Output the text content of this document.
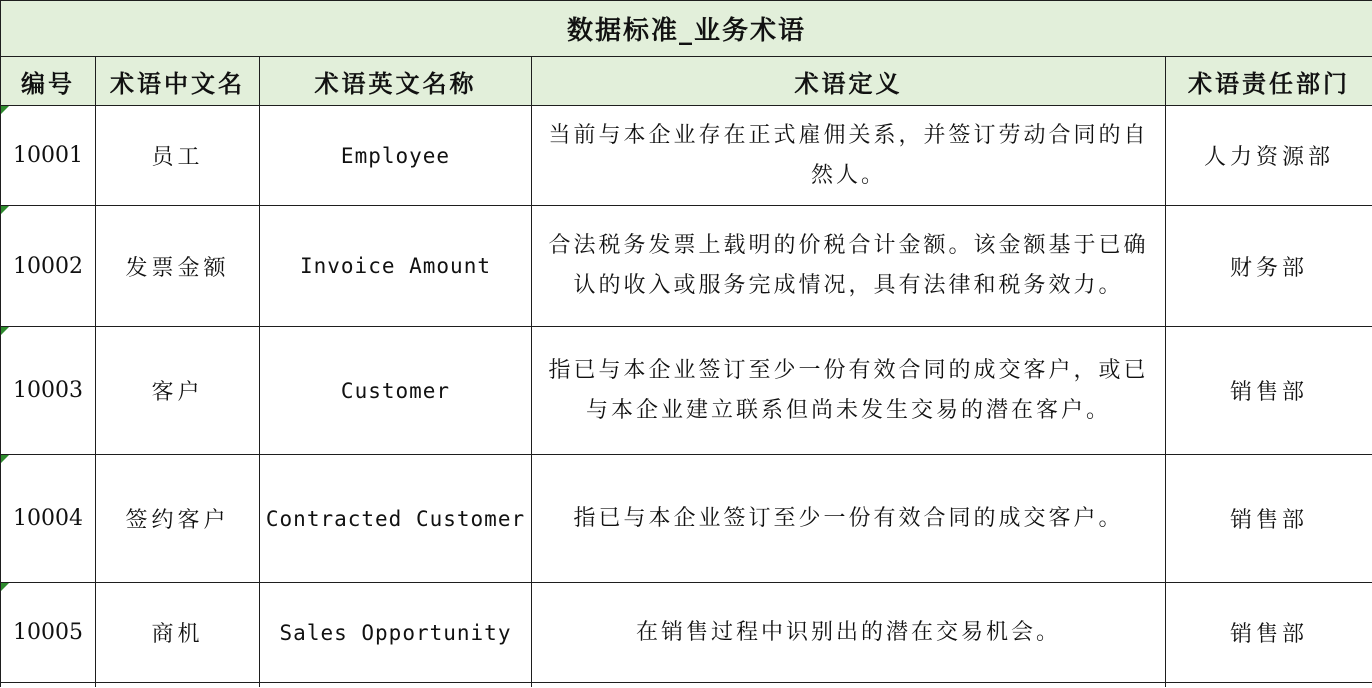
数据标准_业务术语				
编号	术语中文名	术语英文名称	术语定义	术语责任部门

10001	员工	Employee	当前与本企业存在正式雇佣关系，并签订劳动合同的自然人。	人力资源部

10002	发票金额	Invoice Amount	合法税务发票上载明的价税合计金额。该金额基于已确认的收入或服务完成情况，具有法律和税务效力。	财务部

10003	客户	Customer	指已与本企业签订至少一份有效合同的成交客户，或已与本企业建立联系但尚未发生交易的潜在客户。	销售部

10004	签约客户	Contracted Customer	指已与本企业签订至少一份有效合同的成交客户。	销售部

10005	商机	Sales Opportunity	在销售过程中识别出的潜在交易机会。	销售部
